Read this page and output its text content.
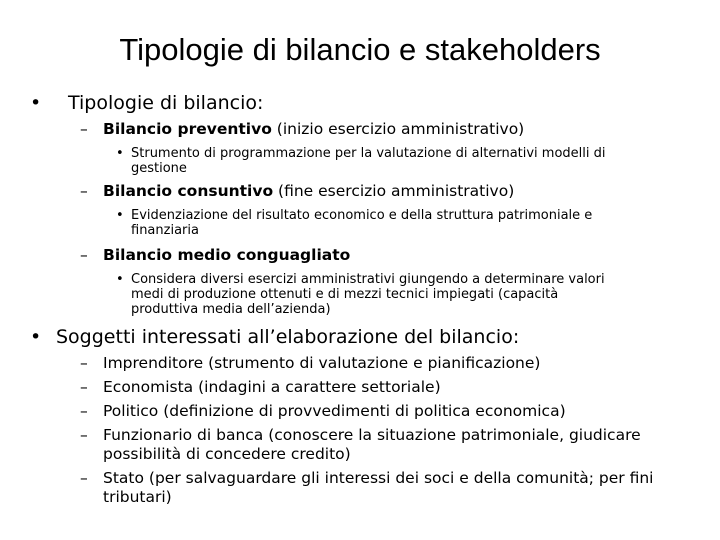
Tipologie di bilancio e stakeholders
• Tipologie di bilancio:
– Bilancio preventivo (inizio esercizio amministrativo)
• Strumento di programmazione per la valutazione di alternativi modelli di
gestione
– Bilancio consuntivo (fine esercizio amministrativo)
• Evidenziazione del risultato economico e della struttura patrimoniale e
finanziaria
– Bilancio medio conguagliato
• Considera diversi esercizi amministrativi giungendo a determinare valori
medi di produzione ottenuti e di mezzi tecnici impiegati (capacità
produttiva media dell’azienda)
• Soggetti interessati all’elaborazione del bilancio:
– Imprenditore (strumento di valutazione e pianificazione)
– Economista (indagini a carattere settoriale)
– Politico (definizione di provvedimenti di politica economica)
– Funzionario di banca (conoscere la situazione patrimoniale, giudicare
possibilità di concedere credito)
– Stato (per salvaguardare gli interessi dei soci e della comunità; per fini
tributari)
